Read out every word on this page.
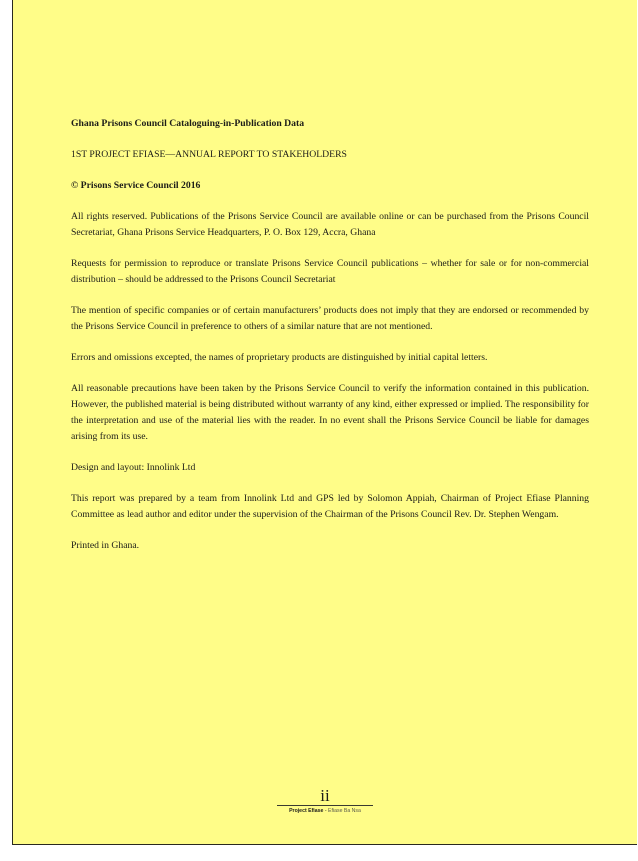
Ghana Prisons Council Cataloguing-in-Publication Data

1ST PROJECT EFIASE—ANNUAL REPORT TO STAKEHOLDERS

© Prisons Service Council 2016

All rights reserved. Publications of the Prisons Service Council are available online or can be purchased from the Prisons Council Secretariat, Ghana Prisons Service Headquarters, P. O. Box 129, Accra, Ghana

Requests for permission to reproduce or translate Prisons Service Council publications – whether for sale or for non-commercial distribution – should be addressed to the Prisons Council Secretariat

The mention of specific companies or of certain manufacturers’ products does not imply that they are endorsed or recommended by the Prisons Service Council in preference to others of a similar nature that are not mentioned.

Errors and omissions excepted, the names of proprietary products are distinguished by initial capital letters.

All reasonable precautions have been taken by the Prisons Service Council to verify the information contained in this publication. However, the published material is being distributed without warranty of any kind, either expressed or implied. The responsibility for the interpretation and use of the material lies with the reader. In no event shall the Prisons Service Council be liable for damages arising from its use.

Design and layout: Innolink Ltd

This report was prepared by a team from Innolink Ltd and GPS led by Solomon Appiah, Chairman of Project Efiase Planning Committee as lead author and editor under the supervision of the Chairman of the Prisons Council Rev. Dr. Stephen Wengam.

Printed in Ghana.

ii
Project Efiase - Efiase Ba Nsa
